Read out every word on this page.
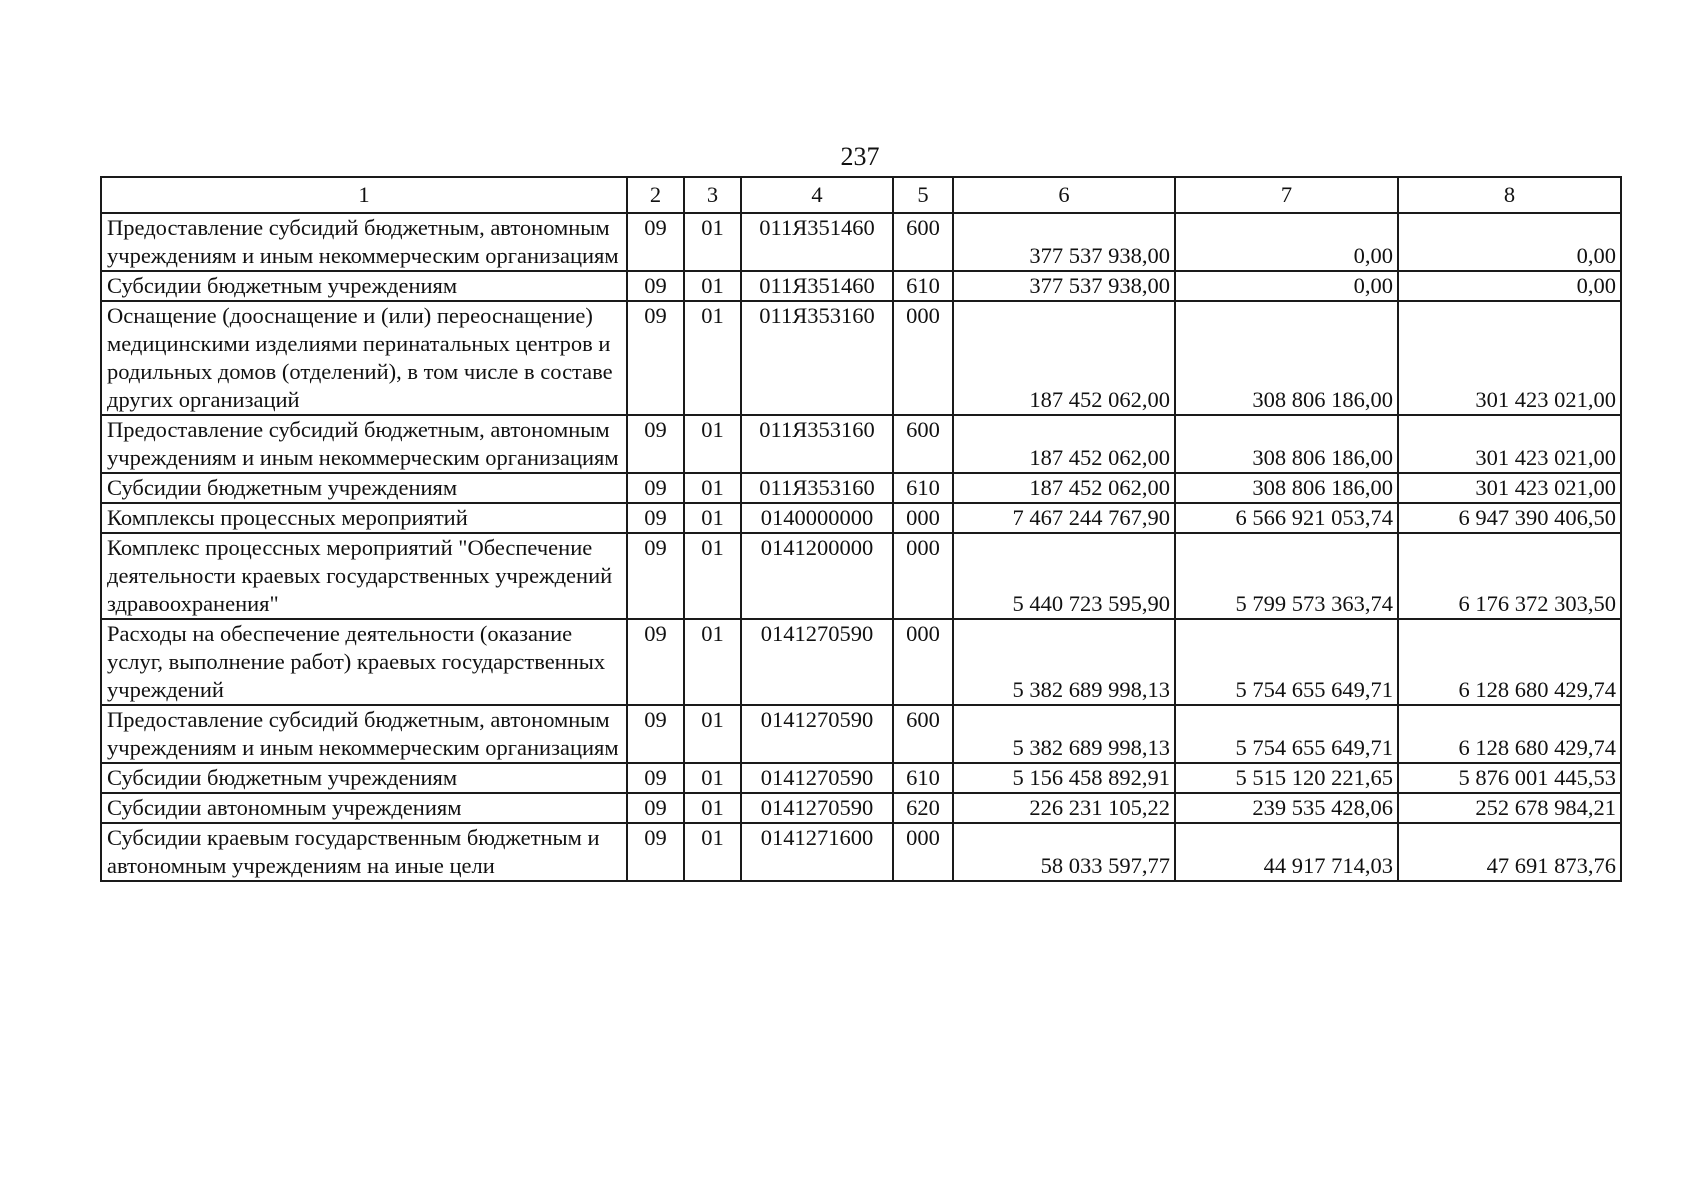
237
1	2	3	4	5	6	7	8
Предоставление субсидий бюджетным, автономным учреждениям и иным некоммерческим организациям	09	01	011Я351460	600	377 537 938,00	0,00	0,00
Субсидии бюджетным учреждениям	09	01	011Я351460	610	377 537 938,00	0,00	0,00
Оснащение (дооснащение и (или) переоснащение) медицинскими изделиями перинатальных центров и родильных домов (отделений), в том числе в составе других организаций	09	01	011Я353160	000	187 452 062,00	308 806 186,00	301 423 021,00
Предоставление субсидий бюджетным, автономным учреждениям и иным некоммерческим организациям	09	01	011Я353160	600	187 452 062,00	308 806 186,00	301 423 021,00
Субсидии бюджетным учреждениям	09	01	011Я353160	610	187 452 062,00	308 806 186,00	301 423 021,00
Комплексы процессных мероприятий	09	01	0140000000	000	7 467 244 767,90	6 566 921 053,74	6 947 390 406,50
Комплекс процессных мероприятий "Обеспечение деятельности краевых государственных учреждений здравоохранения"	09	01	0141200000	000	5 440 723 595,90	5 799 573 363,74	6 176 372 303,50
Расходы на обеспечение деятельности (оказание услуг, выполнение работ) краевых государственных учреждений	09	01	0141270590	000	5 382 689 998,13	5 754 655 649,71	6 128 680 429,74
Предоставление субсидий бюджетным, автономным учреждениям и иным некоммерческим организациям	09	01	0141270590	600	5 382 689 998,13	5 754 655 649,71	6 128 680 429,74
Субсидии бюджетным учреждениям	09	01	0141270590	610	5 156 458 892,91	5 515 120 221,65	5 876 001 445,53
Субсидии автономным учреждениям	09	01	0141270590	620	226 231 105,22	239 535 428,06	252 678 984,21
Субсидии краевым государственным бюджетным и автономным учреждениям на иные цели	09	01	0141271600	000	58 033 597,77	44 917 714,03	47 691 873,76
